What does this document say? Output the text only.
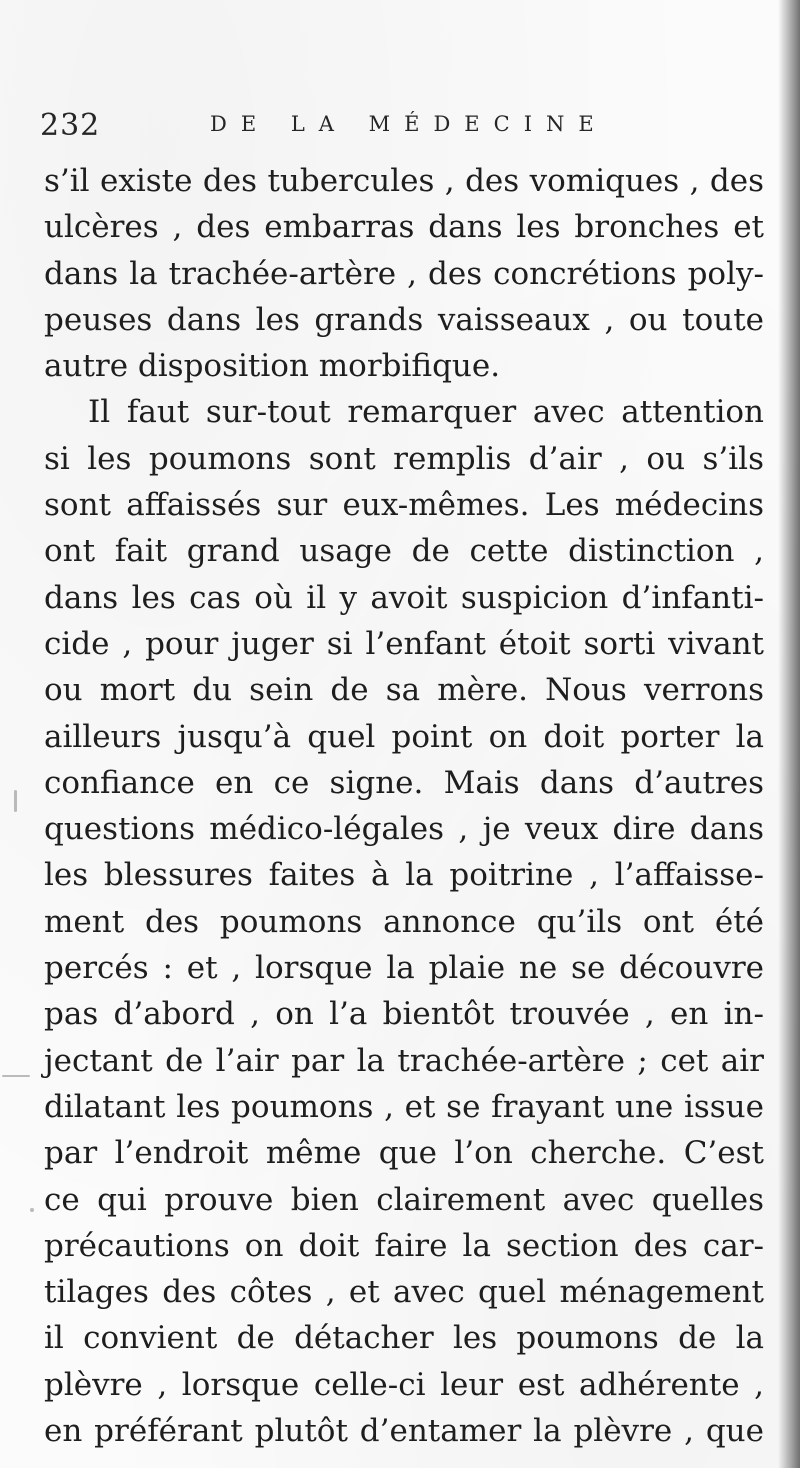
232	DE LA MÉDECINE
s’il existe des tubercules , des vomiques , des
ulcères , des embarras dans les bronches et
dans la trachée-artère , des concrétions poly-
peuses dans les grands vaisseaux , ou toute
autre disposition morbifique.
Il faut sur-tout remarquer avec attention
si les poumons sont remplis d’air , ou s’ils
sont affaissés sur eux-mêmes. Les médecins
ont fait grand usage de cette distinction ,
dans les cas où il y avoit suspicion d’infanti-
cide , pour juger si l’enfant étoit sorti vivant
ou mort du sein de sa mère. Nous verrons
ailleurs jusqu’à quel point on doit porter la
confiance en ce signe. Mais dans d’autres
questions médico-légales , je veux dire dans
les blessures faites à la poitrine , l’affaisse-
ment des poumons annonce qu’ils ont été
percés : et , lorsque la plaie ne se découvre
pas d’abord , on l’a bientôt trouvée , en in-
jectant de l’air par la trachée-artère ; cet air
dilatant les poumons , et se frayant une issue
par l’endroit même que l’on cherche. C’est
ce qui prouve bien clairement avec quelles
précautions on doit faire la section des car-
tilages des côtes , et avec quel ménagement
il convient de détacher les poumons de la
plèvre , lorsque celle-ci leur est adhérente ,
en préférant plutôt d’entamer la plèvre , que
